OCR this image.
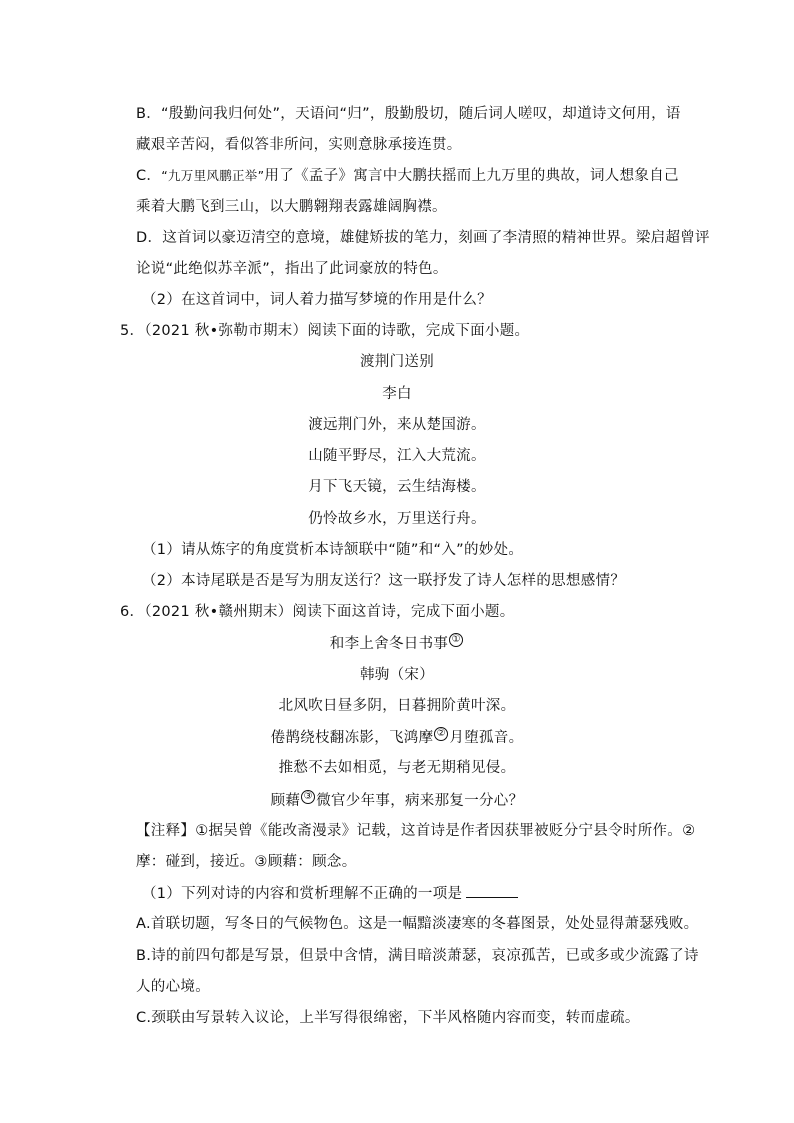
B．“殷勤问我归何处”，天语问“归”，殷勤殷切，随后词人嗟叹，却道诗文何用，语
藏艰辛苦闷，看似答非所问，实则意脉承接连贯。
C．“九万里风鹏正举”用了《孟子》寓言中大鹏扶摇而上九万里的典故，词人想象自己
乘着大鹏飞到三山，以大鹏翱翔表露雄阔胸襟。
D．这首词以豪迈清空的意境，雄健矫拔的笔力，刻画了李清照的精神世界。梁启超曾评
论说“此绝似苏辛派”，指出了此词豪放的特色。
（2）在这首词中，词人着力描写梦境的作用是什么？
5．（2021 秋•弥勒市期末）阅读下面的诗歌，完成下面小题。
渡荆门送别
李白
渡远荆门外，来从楚国游。
山随平野尽，江入大荒流。
月下飞天镜，云生结海楼。
仍怜故乡水，万里送行舟。
（1）请从炼字的角度赏析本诗颔联中“随”和“入”的妙处。
（2）本诗尾联是否是写为朋友送行？这一联抒发了诗人怎样的思想感情？
6．（2021 秋•赣州期末）阅读下面这首诗，完成下面小题。
和李上舍冬日书事 ①
韩驹（宋）
北风吹日昼多阴，日暮拥阶黄叶深。
倦鹊绕枝翻冻影，飞鸿摩 ② 月堕孤音。
推愁不去如相觅，与老无期稍见侵。
顾藉 ③ 微官少年事，病来那复一分心？
【注释】①据吴曾《能改斋漫录》记载，这首诗是作者因获罪被贬分宁县令时所作。②
摩：碰到，接近。③顾藉：顾念。
（1）下列对诗的内容和赏析理解不正确的一项是
A.首联切题，写冬日的气候物色。这是一幅黯淡凄寒的冬暮图景，处处显得萧瑟残败。
B.诗的前四句都是写景，但景中含情，满目暗淡萧瑟，哀凉孤苦，已或多或少流露了诗
人的心境。
C.颈联由写景转入议论，上半写得很绵密，下半风格随内容而变，转而虚疏。
